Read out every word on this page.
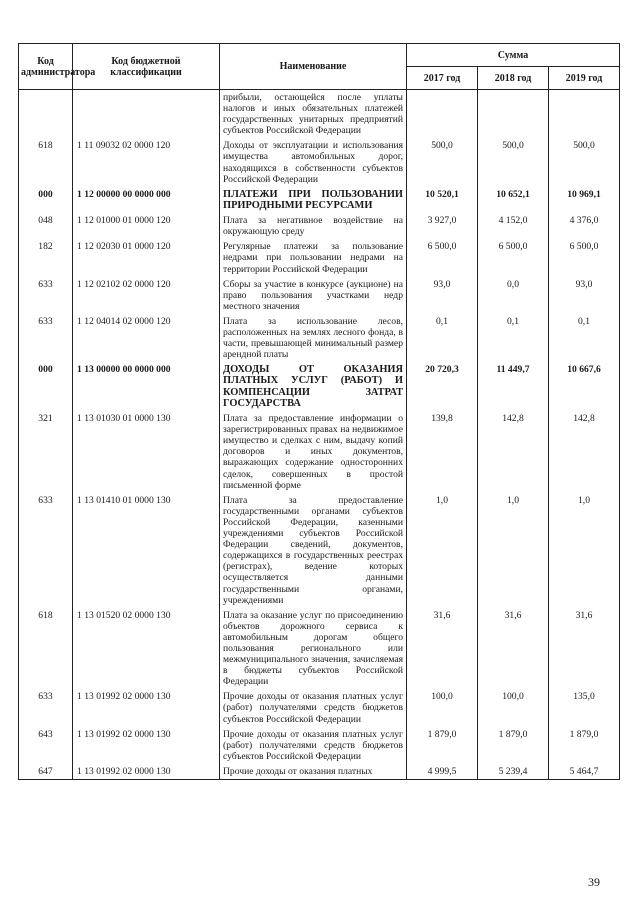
Код администратора	Код бюджетной классификации	Наименование	Сумма		
			2017 год	2018 год	2019 год
		прибыли, остающейся после уплаты налогов и иных обязательных платежей государственных унитарных предприятий субъектов Российской Федерации			
618	1 11 09032 02 0000 120	Доходы от эксплуатации и использования имущества автомобильных дорог, находящихся в собственности субъектов Российской Федерации	500,0	500,0	500,0
000	1 12 00000 00 0000 000	ПЛАТЕЖИ ПРИ ПОЛЬЗОВАНИИ ПРИРОДНЫМИ РЕСУРСАМИ	10 520,1	10 652,1	10 969,1
048	1 12 01000 01 0000 120	Плата за негативное воздействие на окружающую среду	3 927,0	4 152,0	4 376,0
182	1 12 02030 01 0000 120	Регулярные платежи за пользование недрами при пользовании недрами на территории Российской Федерации	6 500,0	6 500,0	6 500,0
633	1 12 02102 02 0000 120	Сборы за участие в конкурсе (аукционе) на право пользования участками недр местного значения	93,0	0,0	93,0
633	1 12 04014 02 0000 120	Плата за использование лесов, расположенных на землях лесного фонда, в части, превышающей минимальный размер арендной платы	0,1	0,1	0,1
000	1 13 00000 00 0000 000	ДОХОДЫ ОТ ОКАЗАНИЯ ПЛАТНЫХ УСЛУГ (РАБОТ) И КОМПЕНСАЦИИ ЗАТРАТ ГОСУДАРСТВА	20 720,3	11 449,7	10 667,6
321	1 13 01030 01 0000 130	Плата за предоставление информации о зарегистрированных правах на недвижимое имущество и сделках с ним, выдачу копий договоров и иных документов, выражающих содержание односторонних сделок, совершенных в простой письменной форме	139,8	142,8	142,8
633	1 13 01410 01 0000 130	Плата за предоставление государственными органами субъектов Российской Федерации, казенными учреждениями субъектов Российской Федерации сведений, документов, содержащихся в государственных реестрах (регистрах), ведение которых осуществляется данными государственными органами, учреждениями	1,0	1,0	1,0
618	1 13 01520 02 0000 130	Плата за оказание услуг по присоединению объектов дорожного сервиса к автомобильным дорогам общего пользования регионального или межмуниципального значения, зачисляемая в бюджеты субъектов Российской Федерации	31,6	31,6	31,6
633	1 13 01992 02 0000 130	Прочие доходы от оказания платных услуг (работ) получателями средств бюджетов субъектов Российской Федерации	100,0	100,0	135,0
643	1 13 01992 02 0000 130	Прочие доходы от оказания платных услуг (работ) получателями средств бюджетов субъектов Российской Федерации	1 879,0	1 879,0	1 879,0
647	1 13 01992 02 0000 130	Прочие доходы от оказания платных	4 999,5	5 239,4	5 464,7
39
